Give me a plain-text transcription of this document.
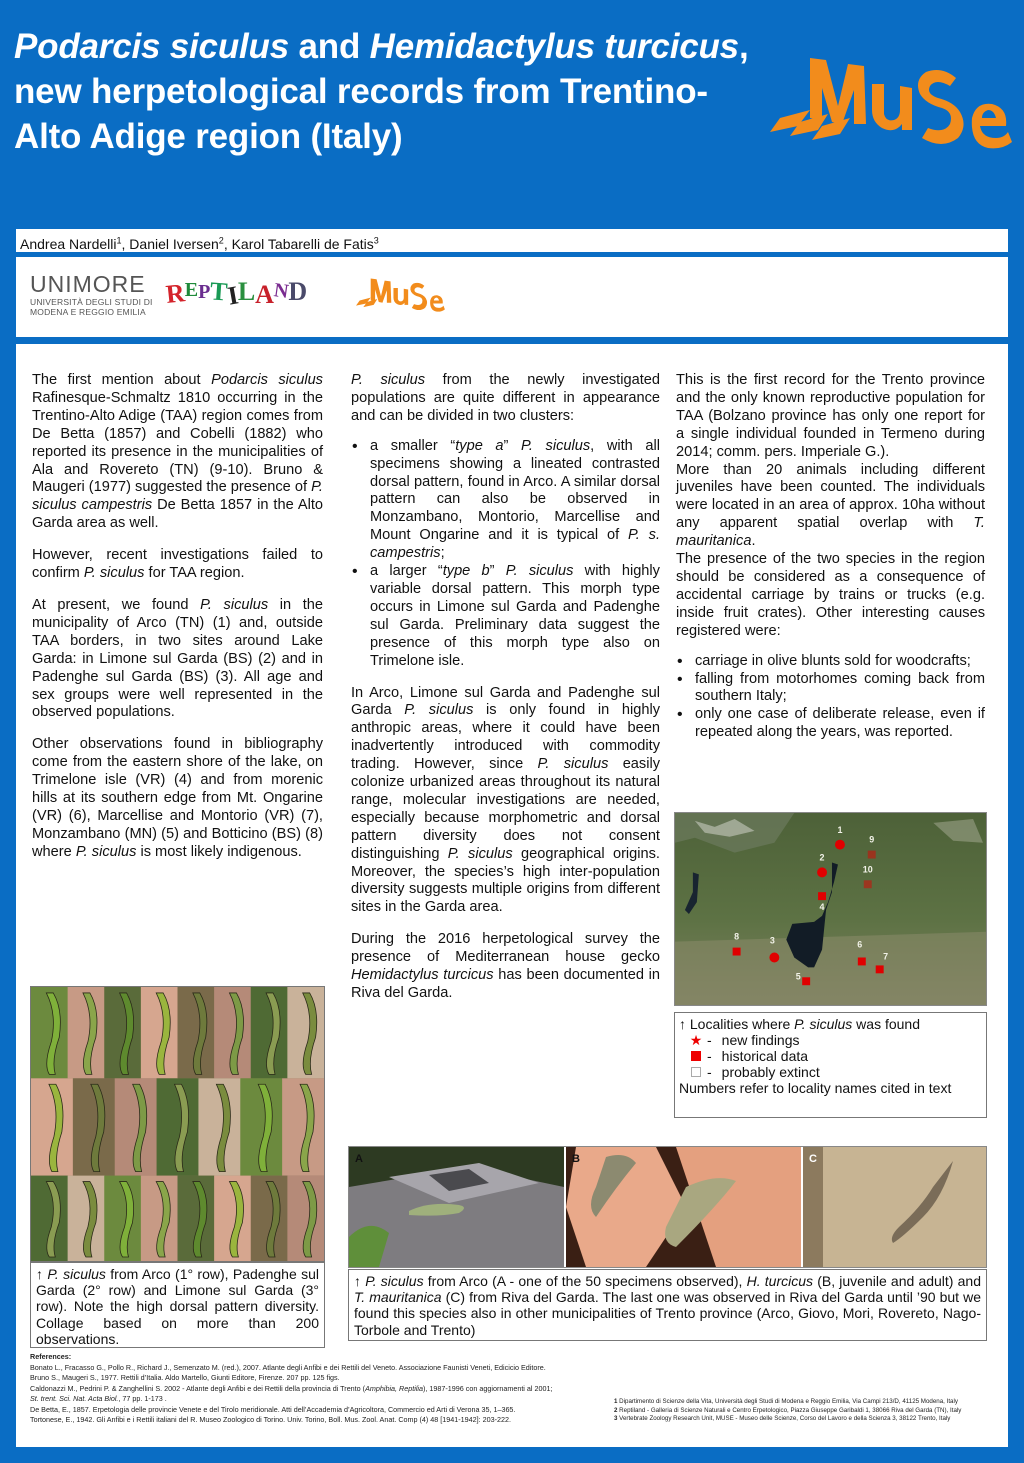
Podarcis siculus and Hemidactylus turcicus, new herpetological records from Trentino-Alto Adige region (Italy)
Andrea Nardelli$^1$, Daniel Iversen$^2$, Karol Tabarelli de Fatis$^3$
UNIMORE
UNIVERSITÀ DEGLI STUDI DI
MODENA E REGGIO EMILIA
REPTILAND

The first mention about Podarcis siculus Rafinesque-Schmaltz 1810 occurring in the Trentino-Alto Adige (TAA) region comes from De Betta (1857) and Cobelli (1882) who reported its presence in the municipalities of Ala and Rovereto (TN) (9-10). Bruno & Maugeri (1977) suggested the presence of P. siculus campestris De Betta 1857 in the Alto Garda area as well.

However, recent investigations failed to confirm P. siculus for TAA region.

At present, we found P. siculus in the municipality of Arco (TN) (1) and, outside TAA borders, in two sites around Lake Garda: in Limone sul Garda (BS) (2) and in Padenghe sul Garda (BS) (3). All age and sex groups were well represented in the observed populations.

Other observations found in bibliography come from the eastern shore of the lake, on Trimelone isle (VR) (4) and from morenic hills at its southern edge from Mt. Ongarine (VR) (6), Marcellise and Montorio (VR) (7), Monzambano (MN) (5) and Botticino (BS) (8) where P. siculus is most likely indigenous.

↑ P. siculus from Arco (1° row), Padenghe sul Garda (2° row) and Limone sul Garda (3° row). Note the high dorsal pattern diversity. Collage based on more than 200 observations.

P. siculus from the newly investigated populations are quite different in appearance and can be divided in two clusters:

• a smaller “type a” P. siculus, with all specimens showing a lineated contrasted dorsal pattern, found in Arco. A similar dorsal pattern can also be observed in Monzambano, Montorio, Marcellise and Mount Ongarine and it is typical of P. s. campestris;
• a larger “type b” P. siculus with highly variable dorsal pattern. This morph type occurs in Limone sul Garda and Padenghe sul Garda. Preliminary data suggest the presence of this morph type also on Trimelone isle.

In Arco, Limone sul Garda and Padenghe sul Garda P. siculus is only found in highly anthropic areas, where it could have been inadvertently introduced with commodity trading. However, since P. siculus easily colonize urbanized areas throughout its natural range, molecular investigations are needed, especially because morphometric and dorsal pattern diversity does not consent distinguishing P. siculus geographical origins. Moreover, the species’s high inter-population diversity suggests multiple origins from different sites in the Garda area.

During the 2016 herpetological survey the presence of Mediterranean house gecko Hemidactylus turcicus has been documented in Riva del Garda.

This is the first record for the Trento province and the only known reproductive population for TAA (Bolzano province has only one report for a single individual founded in Termeno during 2014; comm. pers. Imperiale G.).

More than 20 animals including different juveniles have been counted. The individuals were located in an area of approx. 10ha without any apparent spatial overlap with T. mauritanica.

The presence of the two species in the region should be considered as a consequence of accidental carriage by trains or trucks (e.g. inside fruit crates). Other interesting causes registered were:

• carriage in olive blunts sold for woodcrafts;
• falling from motorhomes coming back from southern Italy;
• only one case of deliberate release, even if repeated along the years, was reported.
1
2
3
4
5
6
7
8
9
10
↑ Localities where P. siculus was found
★ - new findings
- historical data
- probably extinct
Numbers refer to locality names cited in text
A	B	C
↑ P. siculus from Arco (A - one of the 50 specimens observed), H. turcicus (B, juvenile and adult) and T. mauritanica (C) from Riva del Garda. The last one was observed in Riva del Garda until ’90 but we found this species also in other municipalities of Trento province (Arco, Giovo, Mori, Rovereto, Nago-Torbole and Trento)
References:
Bonato L., Fracasso G., Pollo R., Richard J., Semenzato M. (red.), 2007. Atlante degli Anfibi e dei Rettili del Veneto. Associazione Faunisti Veneti, Edicicio Editore.
Bruno S., Maugeri S., 1977. Rettili d’Italia. Aldo Martello, Giunti Editore, Firenze. 207 pp. 125 figs.
Caldonazzi M., Pedrini P. & Zanghellini S. 2002 - Atlante degli Anfibi e dei Rettili della provincia di Trento (Amphibia, Reptilia), 1987-1996 con aggiornamenti al 2001;
St. trent. Sci. Nat. Acta Biol., 77 pp. 1-173 .
De Betta, E., 1857. Erpetologia delle provincie Venete e del Tirolo meridionale. Atti dell’Accademia d’Agricoltora, Commercio ed Arti di Verona 35, 1–365.
Tortonese, E., 1942. Gli Anfibi e i Rettili italiani del R. Museo Zoologico di Torino. Univ. Torino, Boll. Mus. Zool. Anat. Comp (4) 48 [1941-1942]: 203-222.
1 Dipartimento di Scienze della Vita, Università degli Studi di Modena e Reggio Emilia, Via Campi 213/D, 41125 Modena, Italy
2 Reptiland - Galleria di Scienze Naturali e Centro Erpetologico, Piazza Giuseppe Garibaldi 1, 38066 Riva del Garda (TN), Italy
3 Vertebrate Zoology Research Unit, MUSE - Museo delle Scienze, Corso del Lavoro e della Scienza 3, 38122 Trento, Italy
